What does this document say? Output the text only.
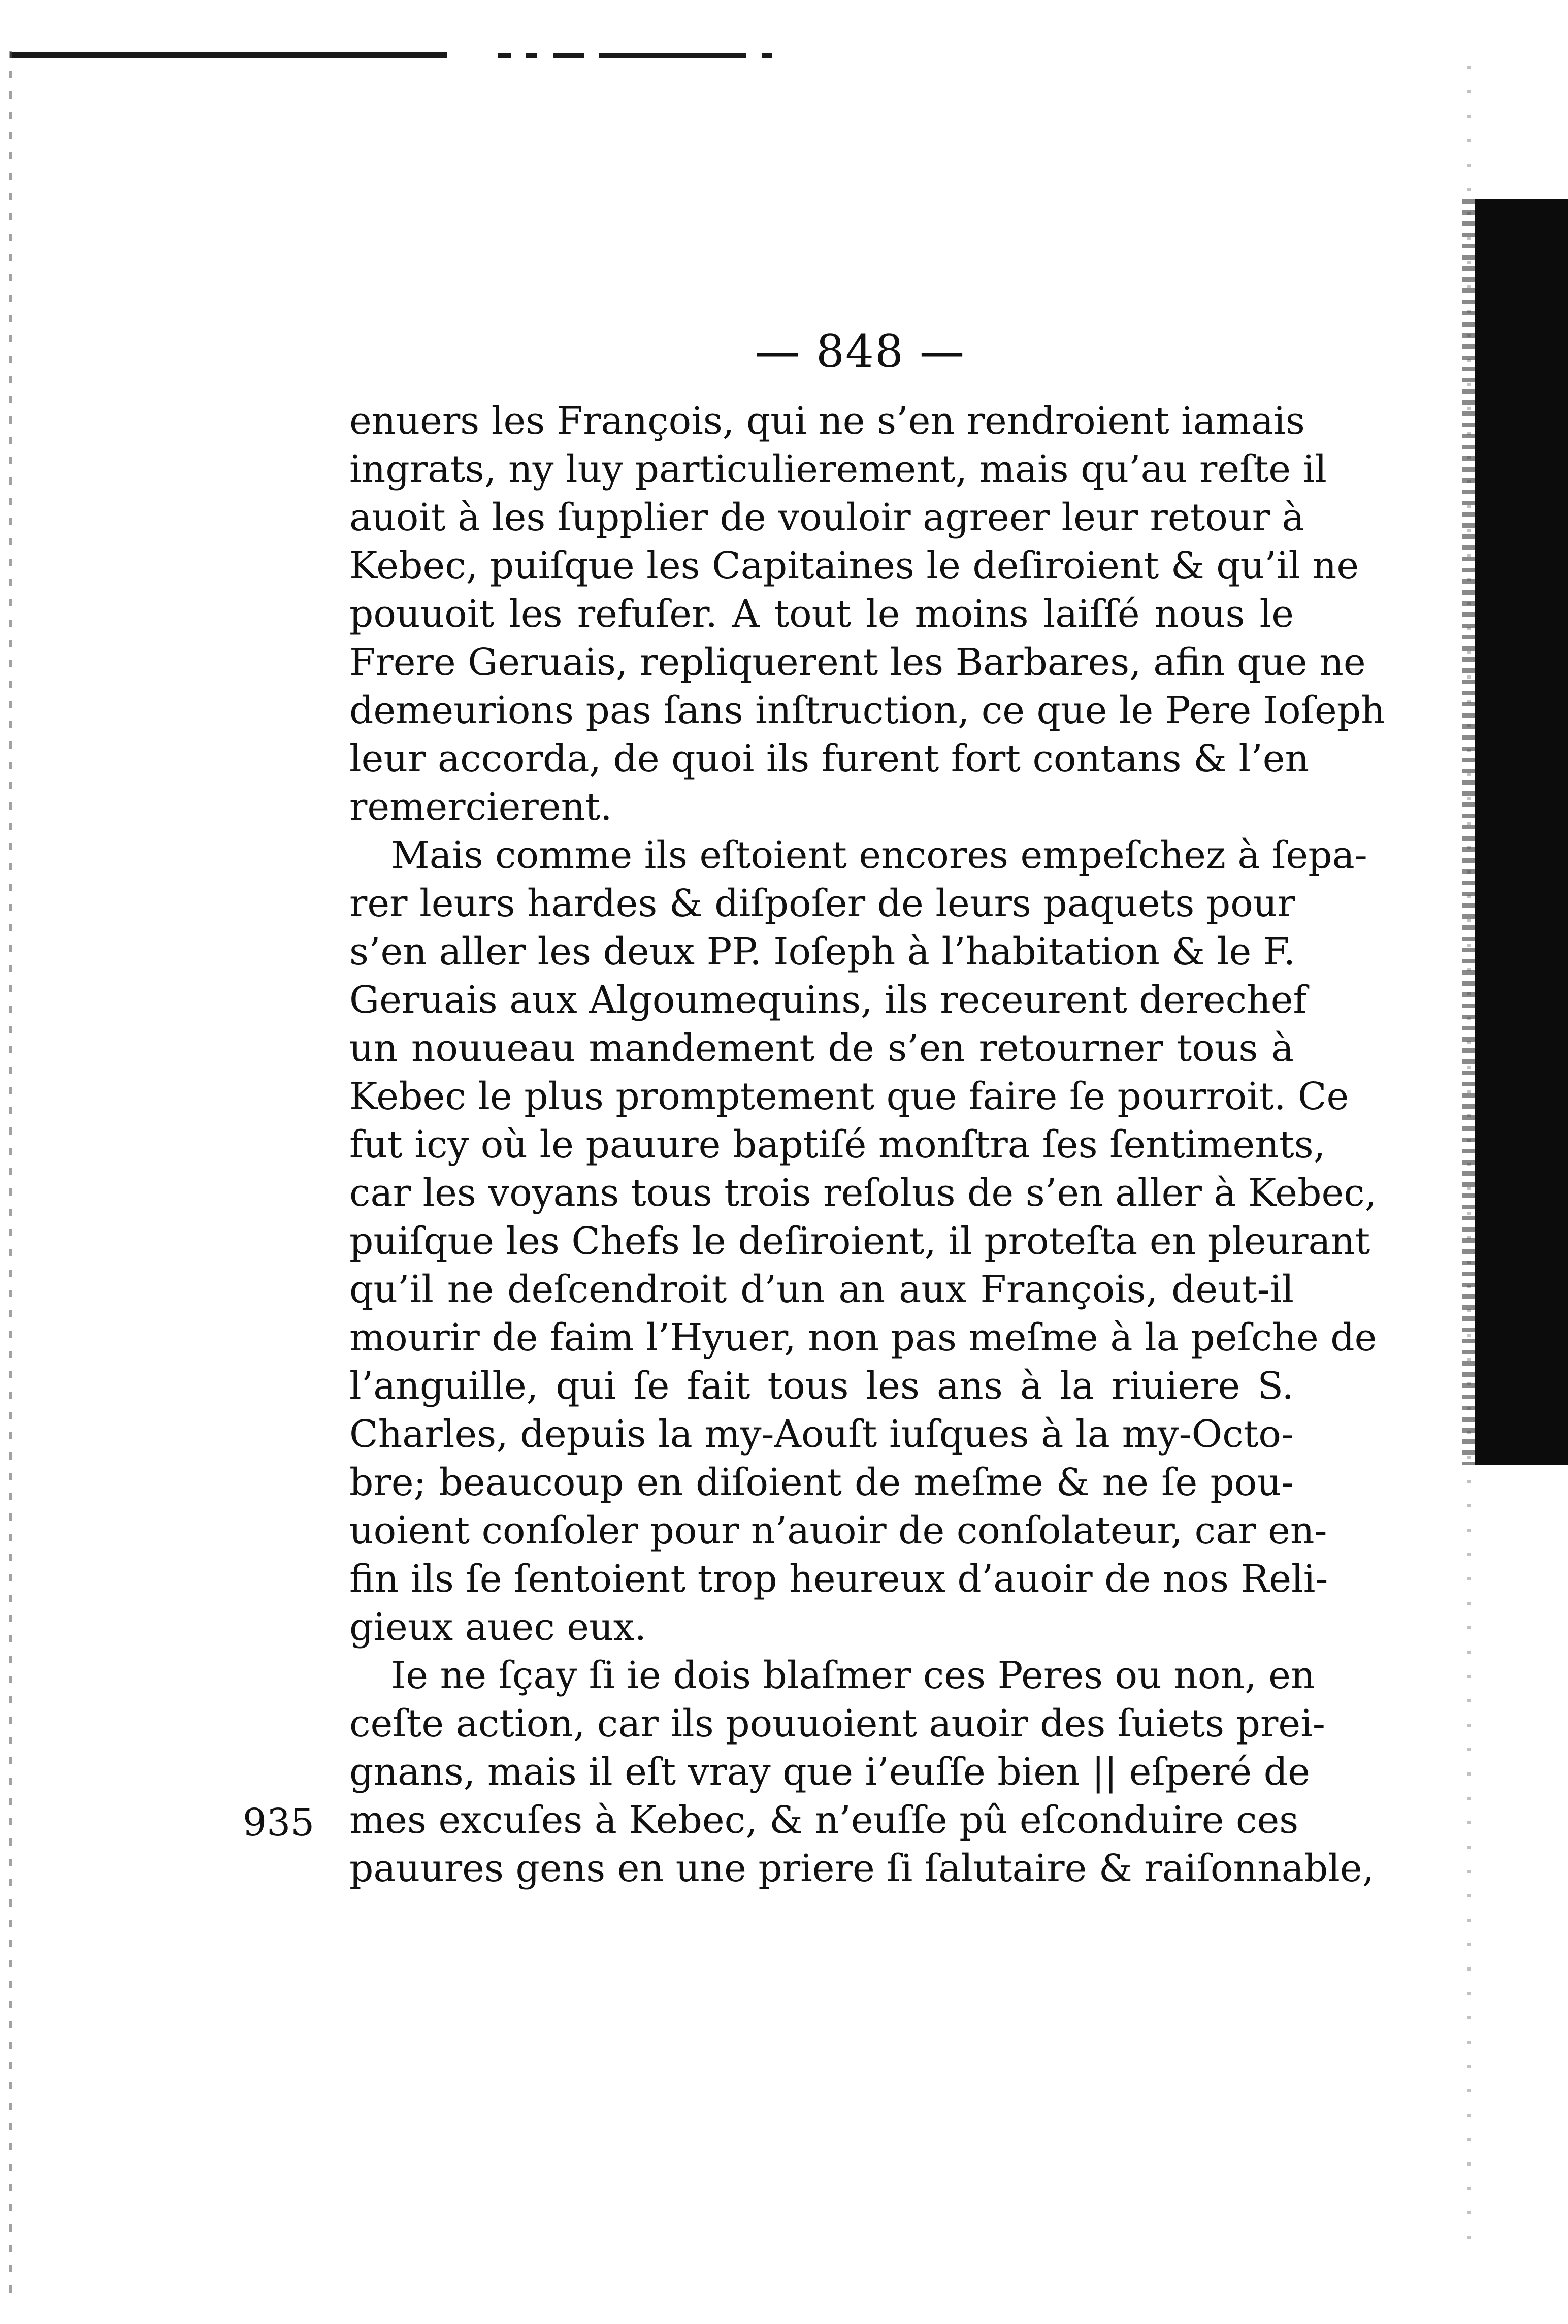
— 848 —
935
enuers les François, qui ne s’en rendroient iamais
ingrats, ny luy particulierement, mais qu’au reſte il
auoit à les ſupplier de vouloir agreer leur retour à
Kebec, puiſque les Capitaines le deſiroient & qu’il ne
pouuoit les refuſer. A tout le moins laiſſé nous le
Frere Geruais, repliquerent les Barbares, afin que ne
demeurions pas ſans inſtruction, ce que le Pere Ioſeph
leur accorda, de quoi ils furent fort contans & l’en
remercierent.
Mais comme ils eſtoient encores empeſchez à ſepa-
rer leurs hardes & diſpoſer de leurs paquets pour
s’en aller les deux PP. Ioſeph à l’habitation & le F.
Geruais aux Algoumequins, ils receurent derechef
un nouueau mandement de s’en retourner tous à
Kebec le plus promptement que faire ſe pourroit. Ce
fut icy où le pauure baptiſé monſtra ſes ſentiments,
car les voyans tous trois reſolus de s’en aller à Kebec,
puiſque les Chefs le deſiroient, il proteſta en pleurant
qu’il ne deſcendroit d’un an aux François, deut-il
mourir de faim l’Hyuer, non pas meſme à la peſche de
l’anguille, qui ſe fait tous les ans à la riuiere S.
Charles, depuis la my-Aouſt iuſques à la my-Octo-
bre; beaucoup en diſoient de meſme & ne ſe pou-
uoient conſoler pour n’auoir de conſolateur, car en-
fin ils ſe ſentoient trop heureux d’auoir de nos Reli-
gieux auec eux.
Ie ne ſçay ſi ie dois blaſmer ces Peres ou non, en
ceſte action, car ils pouuoient auoir des ſuiets prei-
gnans, mais il eſt vray que i’euſſe bien || eſperé de
mes excuſes à Kebec, & n’euſſe pû eſconduire ces
pauures gens en une priere ſi ſalutaire & raiſonnable,
